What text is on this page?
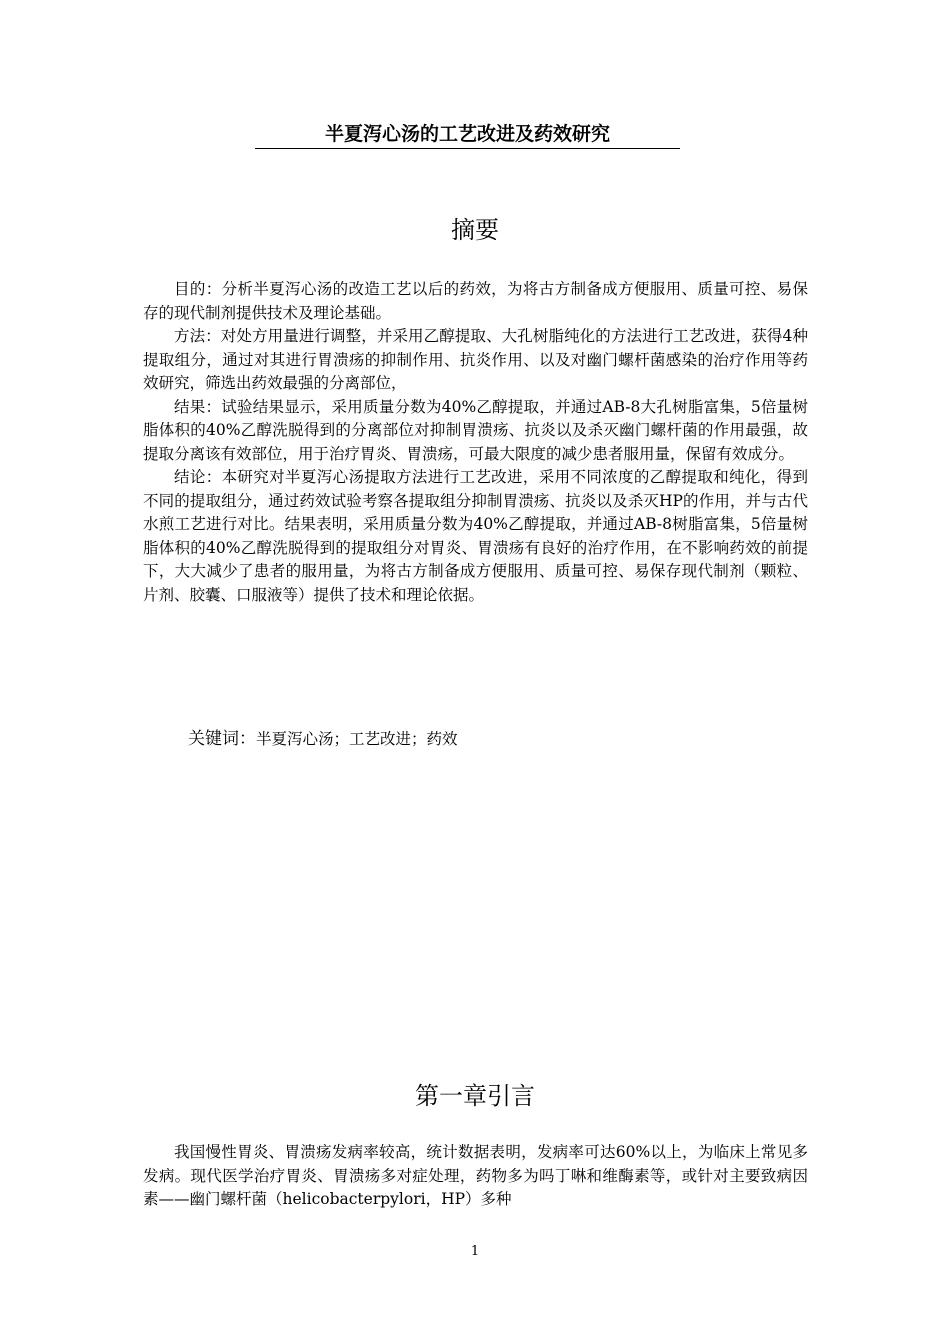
半夏泻心汤的工艺改进及药效研究
摘要

目的：分析半夏泻心汤的改造工艺以后的药效，为将古方制备成方便服用、质量可控、易保存的现代制剂提供技术及理论基础。

方法：对处方用量进行调整，并采用乙醇提取、大孔树脂纯化的方法进行工艺改进，获得4种提取组分，通过对其进行胃溃疡的抑制作用、抗炎作用、以及对幽门螺杆菌感染的治疗作用等药效研究，筛选出药效最强的分离部位，

结果：试验结果显示，采用质量分数为40%乙醇提取，并通过AB-8大孔树脂富集，5倍量树脂体积的40%乙醇洗脱得到的分离部位对抑制胃溃疡、抗炎以及杀灭幽门螺杆菌的作用最强，故提取分离该有效部位，用于治疗胃炎、胃溃疡，可最大限度的减少患者服用量，保留有效成分。

结论：本研究对半夏泻心汤提取方法进行工艺改进，采用不同浓度的乙醇提取和纯化，得到不同的提取组分，通过药效试验考察各提取组分抑制胃溃疡、抗炎以及杀灭HP的作用，并与古代水煎工艺进行对比。结果表明，采用质量分数为40%乙醇提取，并通过AB-8树脂富集，5倍量树脂体积的40%乙醇洗脱得到的提取组分对胃炎、胃溃疡有良好的治疗作用，在不影响药效的前提下，大大减少了患者的服用量，为将古方制备成方便服用、质量可控、易保存现代制剂（颗粒、片剂、胶囊、口服液等）提供了技术和理论依据。

关键词：半夏泻心汤；工艺改进；药效
第一章引言

我国慢性胃炎、胃溃疡发病率较高，统计数据表明，发病率可达60%以上，为临床上常见多发病。现代医学治疗胃炎、胃溃疡多对症处理，药物多为吗丁啉和维酶素等，或针对主要致病因素——幽门螺杆菌（helicobacterpylori，HP）多种

1
